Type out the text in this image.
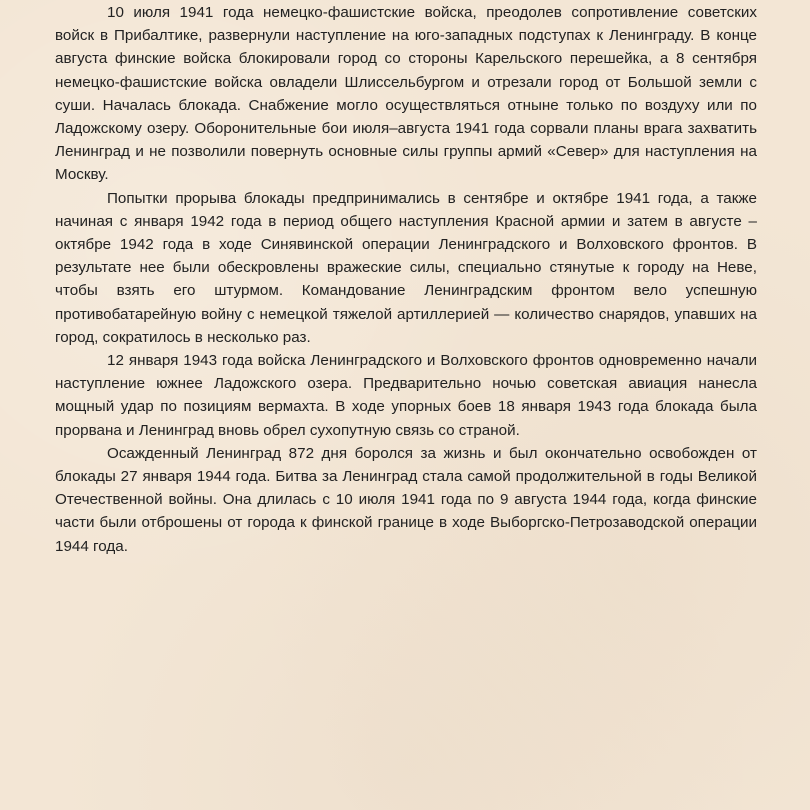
10 июля 1941 года немецко-фашистские войска, преодолев сопротивление советских войск в Прибалтике, развернули наступление на юго-западных подступах к Ленинграду. В конце августа финские войска блокировали город со стороны Карельского перешейка, а 8 сентября немецко-фашистские войска овладели Шлиссельбургом и отрезали город от Большой земли с суши. Началась блокада. Снабжение могло осуществляться отныне только по воздуху или по Ладожскому озеру. Оборонительные бои июля–августа 1941 года сорвали планы врага захватить Ленинград и не позволили повернуть основные силы группы армий «Север» для наступления на Москву.

Попытки прорыва блокады предпринимались в сентябре и октябре 1941 года, а также начиная с января 1942 года в период общего наступления Красной армии и затем в августе – октябре 1942 года в ходе Синявинской операции Ленинградского и Волховского фронтов. В результате нее были обескровлены вражеские силы, специально стянутые к городу на Неве, чтобы взять его штурмом. Командование Ленинградским фронтом вело успешную противобатарейную войну с немецкой тяжелой артиллерией — количество снарядов, упавших на город, сократилось в несколько раз.

12 января 1943 года войска Ленинградского и Волховского фронтов одновременно начали наступление южнее Ладожского озера. Предварительно ночью советская авиация нанесла мощный удар по позициям вермахта. В ходе упорных боев 18 января 1943 года блокада была прорвана и Ленинград вновь обрел сухопутную связь со страной.

Осажденный Ленинград 872 дня боролся за жизнь и был окончательно освобожден от блокады 27 января 1944 года. Битва за Ленинград стала самой продолжительной в годы Великой Отечественной войны. Она длилась с 10 июля 1941 года по 9 августа 1944 года, когда финские части были отброшены от города к финской границе в ходе Выборгско-Петрозаводской операции 1944 года.
